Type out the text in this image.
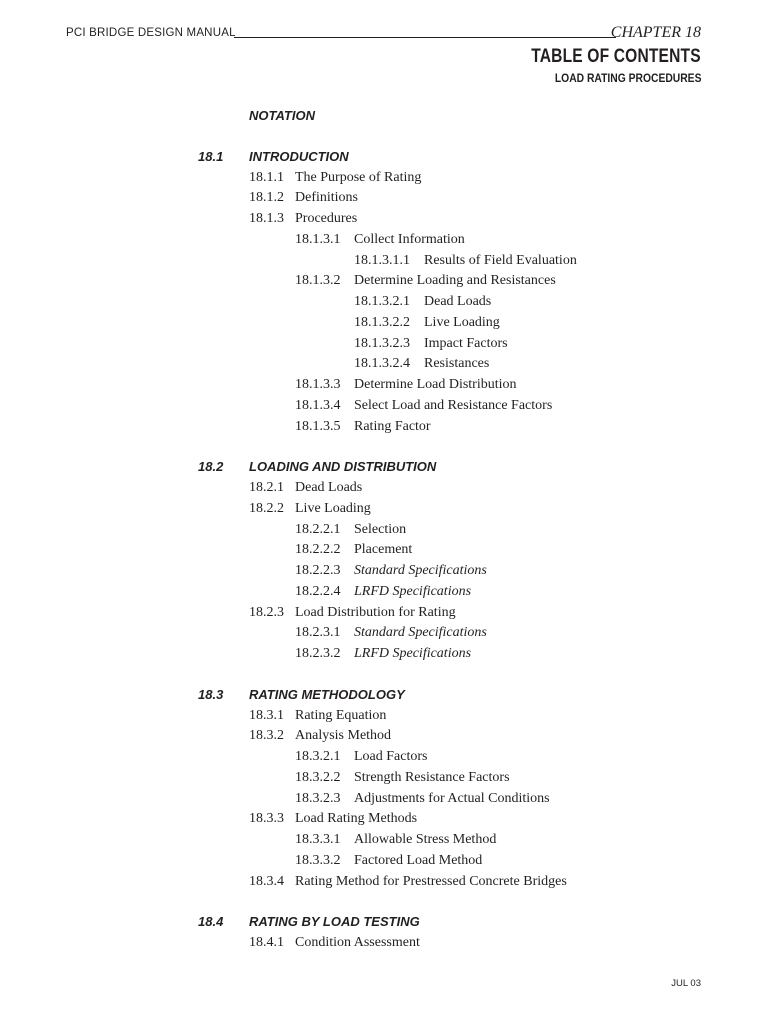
PCI BRIDGE DESIGN MANUAL	CHAPTER 18
TABLE OF CONTENTS
LOAD RATING PROCEDURES
NOTATION
18.1 INTRODUCTION
18.1.1 The Purpose of Rating
18.1.2 Definitions
18.1.3 Procedures
18.1.3.1 Collect Information
18.1.3.1.1 Results of Field Evaluation
18.1.3.2 Determine Loading and Resistances
18.1.3.2.1 Dead Loads
18.1.3.2.2 Live Loading
18.1.3.2.3 Impact Factors
18.1.3.2.4 Resistances
18.1.3.3 Determine Load Distribution
18.1.3.4 Select Load and Resistance Factors
18.1.3.5 Rating Factor
18.2 LOADING AND DISTRIBUTION
18.2.1 Dead Loads
18.2.2 Live Loading
18.2.2.1 Selection
18.2.2.2 Placement
18.2.2.3 Standard Specifications
18.2.2.4 LRFD Specifications
18.2.3 Load Distribution for Rating
18.2.3.1 Standard Specifications
18.2.3.2 LRFD Specifications
18.3 RATING METHODOLOGY
18.3.1 Rating Equation
18.3.2 Analysis Method
18.3.2.1 Load Factors
18.3.2.2 Strength Resistance Factors
18.3.2.3 Adjustments for Actual Conditions
18.3.3 Load Rating Methods
18.3.3.1 Allowable Stress Method
18.3.3.2 Factored Load Method
18.3.4 Rating Method for Prestressed Concrete Bridges
18.4 RATING BY LOAD TESTING
18.4.1 Condition Assessment
JUL 03
